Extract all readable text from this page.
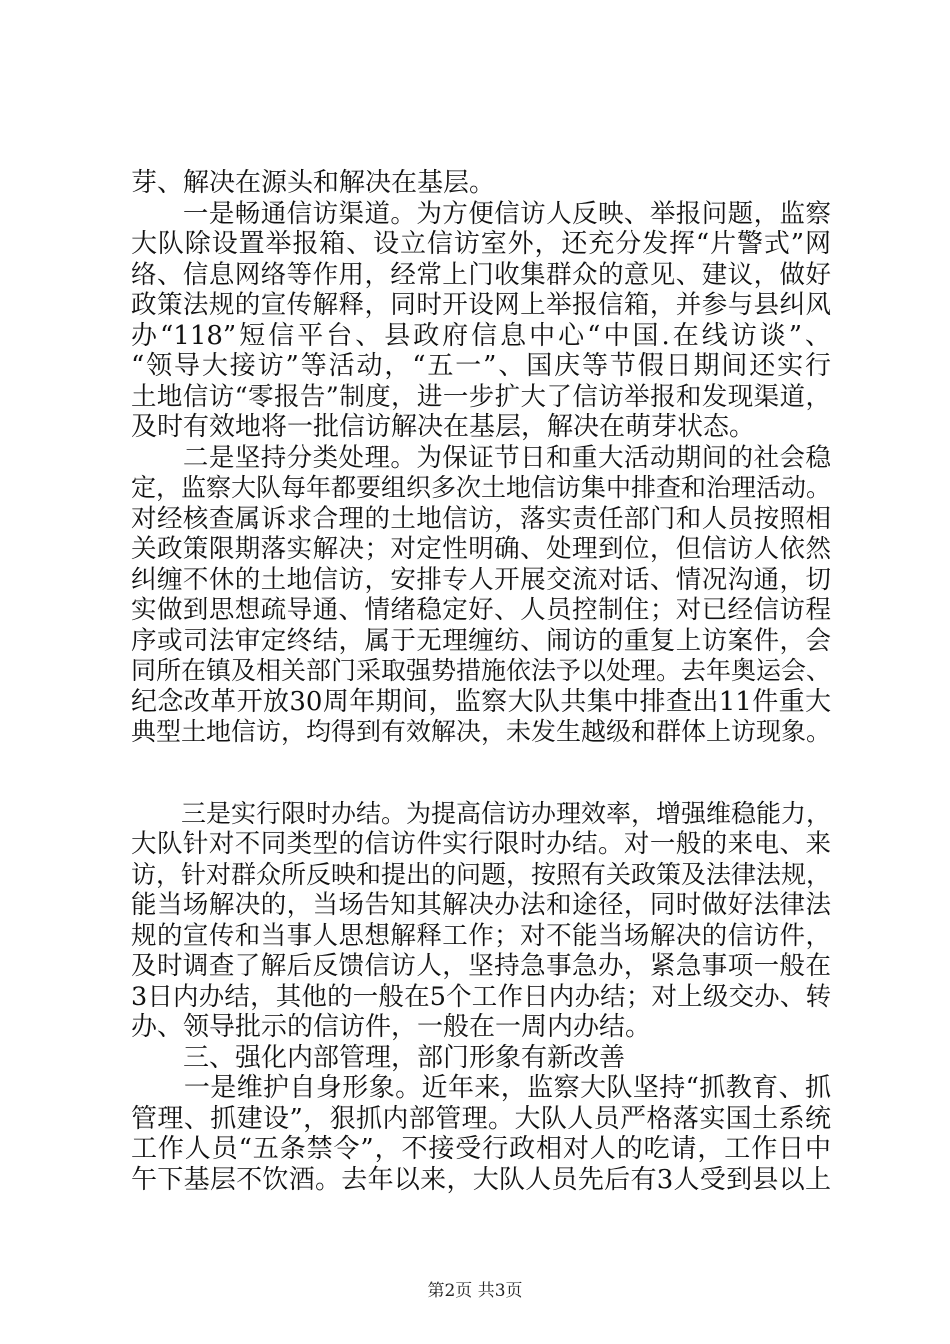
芽、解决在源头和解决在基层。
　　一是畅通信访渠道。为方便信访人反映、举报问题，监察
大队除设置举报箱、设立信访室外，还充分发挥“片警式”网
络、信息网络等作用，经常上门收集群众的意见、建议，做好
政策法规的宣传解释，同时开设网上举报信箱，并参与县纠风
办“118”短信平台、县政府信息中心“中国.在线访谈”、
“领导大接访”等活动，“五一”、国庆等节假日期间还实行
土地信访“零报告”制度，进一步扩大了信访举报和发现渠道，
及时有效地将一批信访解决在基层，解决在萌芽状态。
　　二是坚持分类处理。为保证节日和重大活动期间的社会稳
定，监察大队每年都要组织多次土地信访集中排查和治理活动。
对经核查属诉求合理的土地信访，落实责任部门和人员按照相
关政策限期落实解决；对定性明确、处理到位，但信访人依然
纠缠不休的土地信访，安排专人开展交流对话、情况沟通，切
实做到思想疏导通、情绪稳定好、人员控制住；对已经信访程
序或司法审定终结，属于无理缠纺、闹访的重复上访案件，会
同所在镇及相关部门采取强势措施依法予以处理。去年奥运会、
纪念改革开放30周年期间，监察大队共集中排查出11件重大
典型土地信访，均得到有效解决，未发生越级和群体上访现象。
　　三是实行限时办结。为提高信访办理效率，增强维稳能力，
大队针对不同类型的信访件实行限时办结。对一般的来电、来
访，针对群众所反映和提出的问题，按照有关政策及法律法规，
能当场解决的，当场告知其解决办法和途径，同时做好法律法
规的宣传和当事人思想解释工作；对不能当场解决的信访件，
及时调查了解后反馈信访人，坚持急事急办，紧急事项一般在
3日内办结，其他的一般在5个工作日内办结；对上级交办、转
办、领导批示的信访件，一般在一周内办结。
　　三、强化内部管理，部门形象有新改善
　　一是维护自身形象。近年来，监察大队坚持“抓教育、抓
管理、抓建设”，狠抓内部管理。大队人员严格落实国土系统
工作人员“五条禁令”，不接受行政相对人的吃请，工作日中
午下基层不饮酒。去年以来，大队人员先后有3人受到县以上
第2页 共3页
